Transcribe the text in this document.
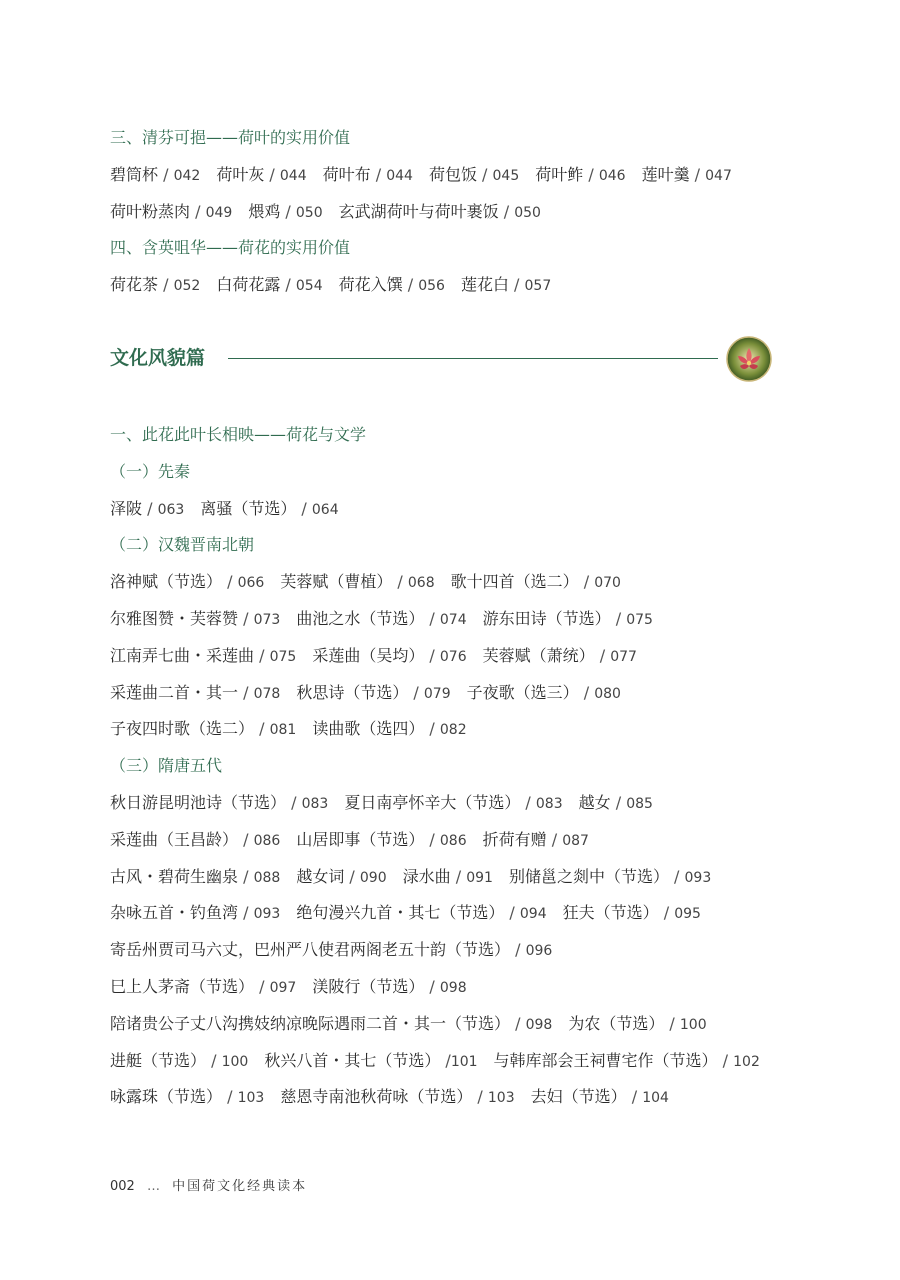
三、清芬可挹——荷叶的实用价值
碧筒杯 / 042 荷叶灰 / 044 荷叶布 / 044 荷包饭 / 045 荷叶鲊 / 046 莲叶羹 / 047
荷叶粉蒸肉 / 049 煨鸡 / 050 玄武湖荷叶与荷叶裹饭 / 050
四、含英咀华——荷花的实用价值
荷花茶 / 052 白荷花露 / 054 荷花入馔 / 056 莲花白 / 057
文化风貌篇
一、此花此叶长相映——荷花与文学
（一）先秦
泽陂 / 063 离骚（节选） / 064
（二）汉魏晋南北朝
洛神赋（节选） / 066 芙蓉赋（曹植） / 068 歌十四首（选二） / 070
尔雅图赞・芙蓉赞 / 073 曲池之水（节选） / 074 游东田诗（节选） / 075
江南弄七曲・采莲曲 / 075 采莲曲（吴均） / 076 芙蓉赋（萧统） / 077
采莲曲二首・其一 / 078 秋思诗（节选） / 079 子夜歌（选三） / 080
子夜四时歌（选二） / 081 读曲歌（选四） / 082
（三）隋唐五代
秋日游昆明池诗（节选） / 083 夏日南亭怀辛大（节选） / 083 越女 / 085
采莲曲（王昌龄） / 086 山居即事（节选） / 086 折荷有赠 / 087
古风・碧荷生幽泉 / 088 越女词 / 090 渌水曲 / 091 别储邕之剡中（节选） / 093
杂咏五首・钓鱼湾 / 093 绝句漫兴九首・其七（节选） / 094 狂夫（节选） / 095
寄岳州贾司马六丈，巴州严八使君两阁老五十韵（节选） / 096
巳上人茅斋（节选） / 097 渼陂行（节选） / 098
陪诸贵公子丈八沟携妓纳凉晚际遇雨二首・其一（节选） / 098 为农（节选） / 100
进艇（节选） / 100 秋兴八首・其七（节选） /101 与韩库部会王祠曹宅作（节选） / 102
咏露珠（节选） / 103 慈恩寺南池秋荷咏（节选） / 103 去妇（节选） / 104
002 … 中国荷文化经典读本
